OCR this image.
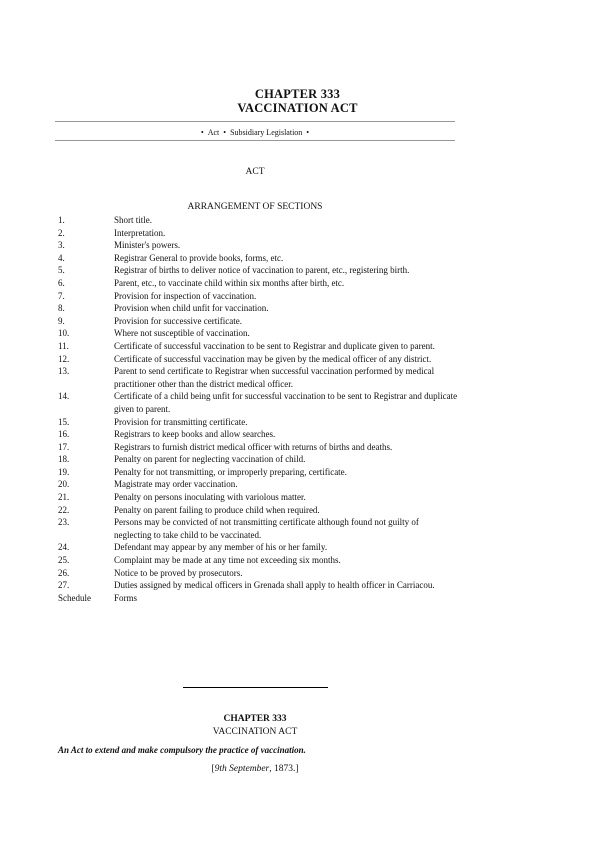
CHAPTER 333
VACCINATION ACT
• Act • Subsidiary Legislation •
ACT
ARRANGEMENT OF SECTIONS
1.	Short title.
2.	Interpretation.
3.	Minister's powers.
4.	Registrar General to provide books, forms, etc.
5.	Registrar of births to deliver notice of vaccination to parent, etc., registering birth.
6.	Parent, etc., to vaccinate child within six months after birth, etc.
7.	Provision for inspection of vaccination.
8.	Provision when child unfit for vaccination.
9.	Provision for successive certificate.
10.	Where not susceptible of vaccination.
11.	Certificate of successful vaccination to be sent to Registrar and duplicate given to parent.
12.	Certificate of successful vaccination may be given by the medical officer of any district.
13.	Parent to send certificate to Registrar when successful vaccination performed by medical practitioner other than the district medical officer.
14.	Certificate of a child being unfit for successful vaccination to be sent to Registrar and duplicate given to parent.
15.	Provision for transmitting certificate.
16.	Registrars to keep books and allow searches.
17.	Registrars to furnish district medical officer with returns of births and deaths.
18.	Penalty on parent for neglecting vaccination of child.
19.	Penalty for not transmitting, or improperly preparing, certificate.
20.	Magistrate may order vaccination.
21.	Penalty on persons inoculating with variolous matter.
22.	Penalty on parent failing to produce child when required.
23.	Persons may be convicted of not transmitting certificate although found not guilty of neglecting to take child to be vaccinated.
24.	Defendant may appear by any member of his or her family.
25.	Complaint may be made at any time not exceeding six months.
26.	Notice to be proved by prosecutors.
27.	Duties assigned by medical officers in Grenada shall apply to health officer in Carriacou.
Schedule	Forms
CHAPTER 333
VACCINATION ACT
An Act to extend and make compulsory the practice of vaccination.
[9th September, 1873.]
